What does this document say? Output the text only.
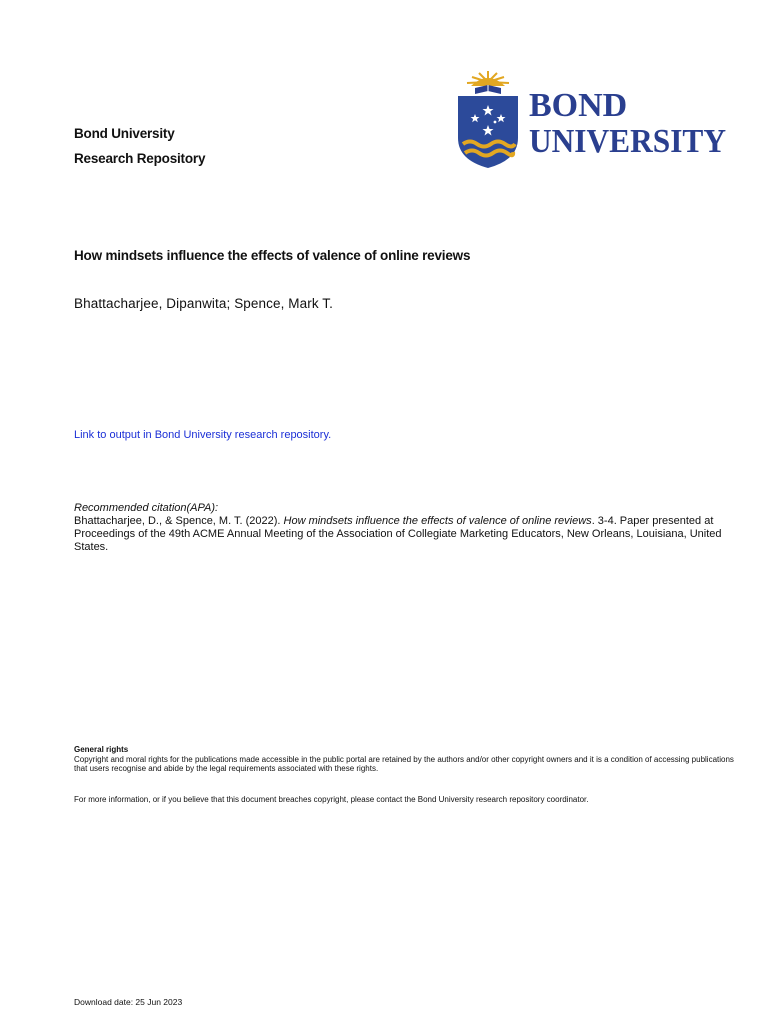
Bond University
Research Repository
BOND
UNIVERSITY
How mindsets influence the effects of valence of online reviews
Bhattacharjee, Dipanwita; Spence, Mark T.
Link to output in Bond University research repository.
Recommended citation(APA):
Bhattacharjee, D., & Spence, M. T. (2022). How mindsets influence the effects of valence of online reviews. 3-4. Paper presented at Proceedings of the 49th ACME Annual Meeting of the Association of Collegiate Marketing Educators, New Orleans, Louisiana, United States.
General rights
Copyright and moral rights for the publications made accessible in the public portal are retained by the authors and/or other copyright owners and it is a condition of accessing publications that users recognise and abide by the legal requirements associated with these rights.
For more information, or if you believe that this document breaches copyright, please contact the Bond University research repository coordinator.
Download date: 25 Jun 2023
